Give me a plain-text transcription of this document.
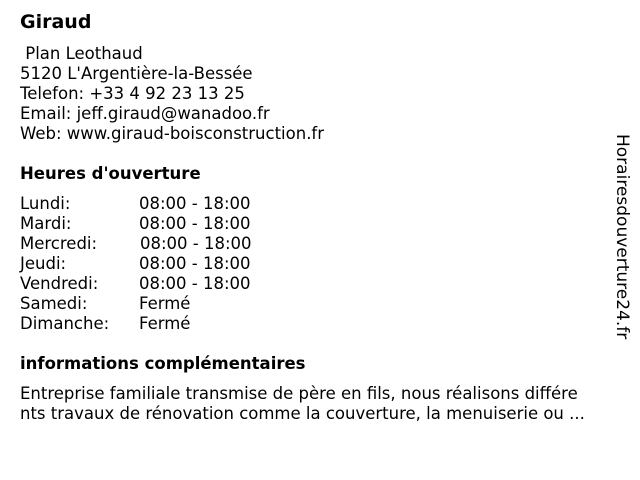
Giraud
Plan Leothaud
5120 L'Argentière-la-Bessée
Telefon: +33 4 92 23 13 25
Email: jeff.giraud@wanadoo.fr
Web: www.giraud-boisconstruction.fr
Heures d'ouverture
Lundi:	08:00 - 18:00
Mardi:	08:00 - 18:00
Mercredi:	08:00 - 18:00
Jeudi:	08:00 - 18:00
Vendredi: 08:00 - 18:00
Samedi:	Fermé
Dimanche: Fermé
informations complémentaires
Entreprise familiale transmise de père en fils, nous réalisons différe
nts travaux de rénovation comme la couverture, la menuiserie ou ...
Horairesdouverture24.fr
